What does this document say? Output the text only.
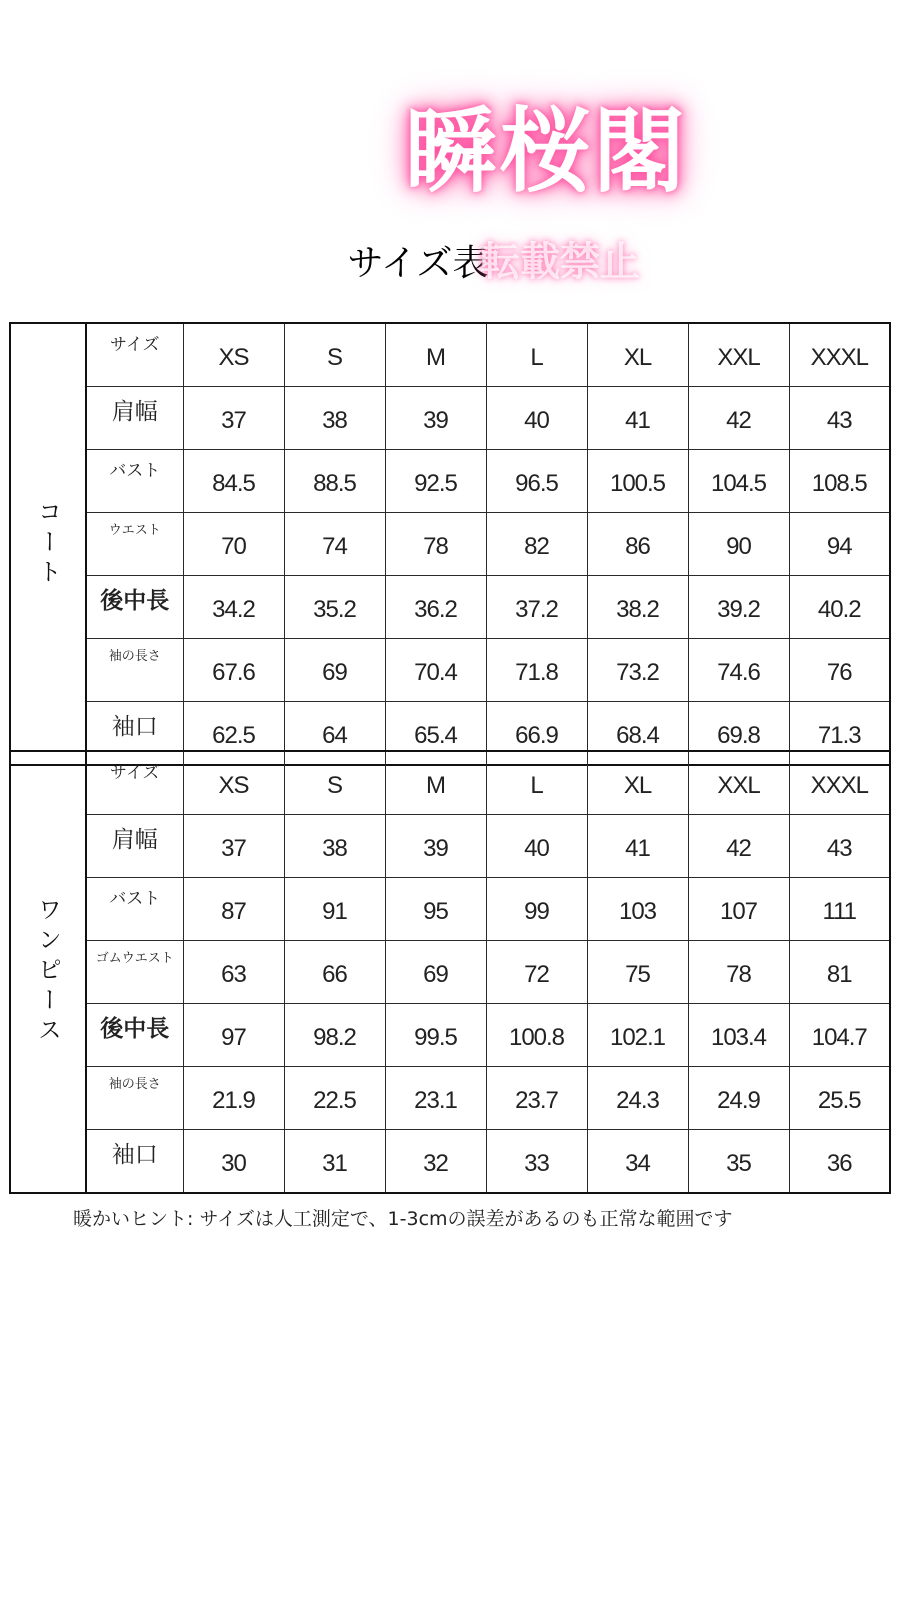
瞬桜閣
サイズ表
転載禁止
コート	サイズ	XS	S	M	L	XL	XXL	XXXL
	肩幅	37	38	39	40	41	42	43
	バスト	84.5	88.5	92.5	96.5	100.5	104.5	108.5
	ウエスト	70	74	78	82	86	90	94
	後中長	34.2	35.2	36.2	37.2	38.2	39.2	40.2
	袖の長さ	67.6	69	70.4	71.8	73.2	74.6	76
	袖口	62.5	64	65.4	66.9	68.4	69.8	71.3
ワンピース	サイズ	XS	S	M	L	XL	XXL	XXXL
	肩幅	37	38	39	40	41	42	43
	バスト	87	91	95	99	103	107	111
	ゴムウエスト	63	66	69	72	75	78	81
	後中長	97	98.2	99.5	100.8	102.1	103.4	104.7
	袖の長さ	21.9	22.5	23.1	23.7	24.3	24.9	25.5
	袖口	30	31	32	33	34	35	36
暖かいヒント: サイズは人工測定で、1-3cmの誤差があるのも正常な範囲です
